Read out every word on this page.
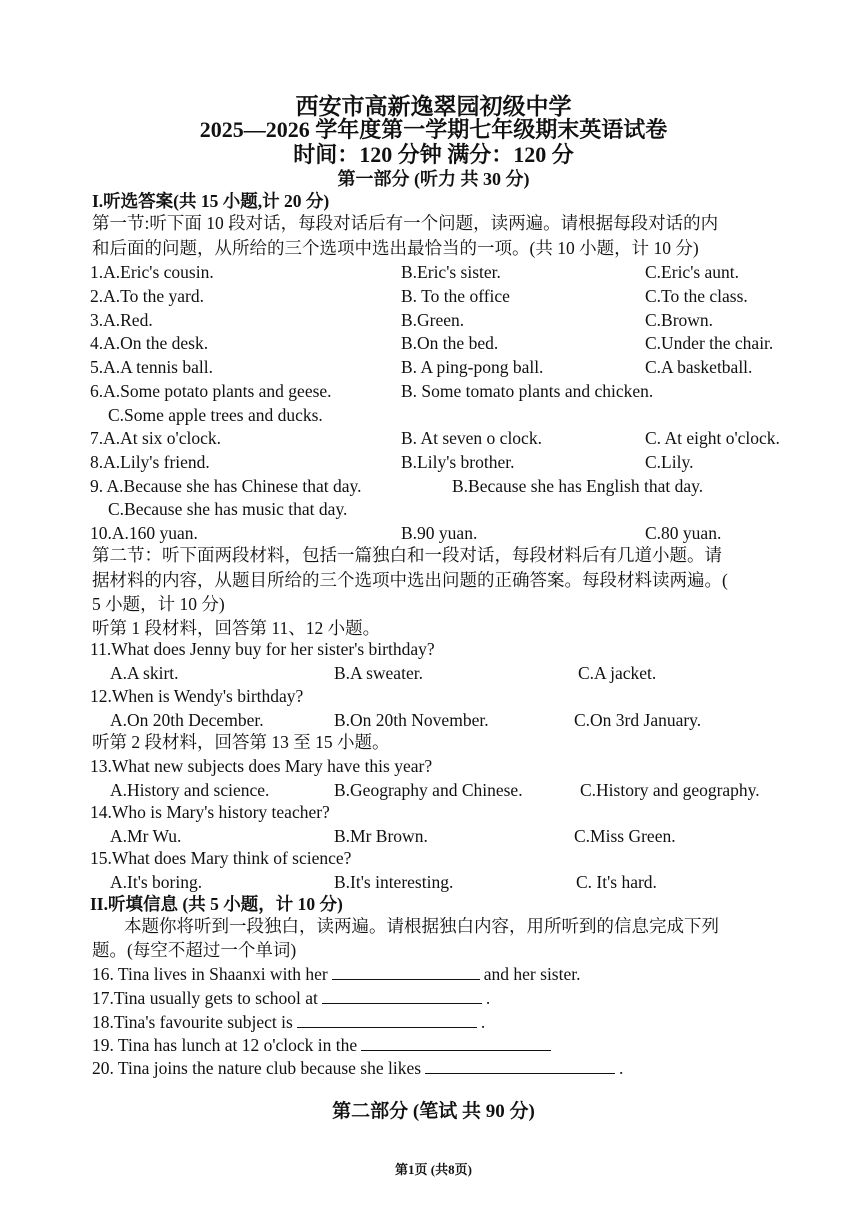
西安市高新逸翠园初级中学
2025—2026 学年度第一学期七年级期末英语试卷
时间：120 分钟 满分：120 分
第一部分 (听力 共 30 分)
I.听选答案(共 15 小题,计 20 分)
第一节:听下面 10 段对话，每段对话后有一个问题，读两遍。请根据每段对话的内
和后面的问题，从所给的三个选项中选出最恰当的一项。(共 10 小题，计 10 分)
1.A.Eric's cousin.	B.Eric's sister.	C.Eric's aunt.
2.A.To the yard.	B. To the office	C.To the class.
3.A.Red.	B.Green.	C.Brown.
4.A.On the desk.	B.On the bed.	C.Under the chair.
5.A.A tennis ball.	B. A ping-pong ball.	C.A basketball.
6.A.Some potato plants and geese.	B. Some tomato plants and chicken.
C.Some apple trees and ducks.
7.A.At six o'clock.	B. At seven o clock.	C. At eight o'clock.
8.A.Lily's friend.	B.Lily's brother.	C.Lily.
9. A.Because she has Chinese that day.	B.Because she has English that day.
C.Because she has music that day.
10.A.160 yuan.	B.90 yuan.	C.80 yuan.
第二节：听下面两段材料，包括一篇独白和一段对话，每段材料后有几道小题。请
据材料的内容，从题目所给的三个选项中选出问题的正确答案。每段材料读两遍。(
5 小题，计 10 分)
听第 1 段材料，回答第 11、12 小题。
11.What does Jenny buy for her sister's birthday?
A.A skirt.	B.A sweater.	C.A jacket.
12.When is Wendy's birthday?
A.On 20th December.	B.On 20th November.	C.On 3rd January.
听第 2 段材料，回答第 13 至 15 小题。
13.What new subjects does Mary have this year?
A.History and science.	B.Geography and Chinese.	C.History and geography.
14.Who is Mary's history teacher?
A.Mr Wu.	B.Mr Brown.	C.Miss Green.
15.What does Mary think of science?
A.It's boring.	B.It's interesting.	C. It's hard.
II.听填信息 (共 5 小题，计 10 分)
本题你将听到一段独白，读两遍。请根据独白内容，用所听到的信息完成下列
题。(每空不超过一个单词)
16. Tina lives in Shaanxi with her	and her sister.
17.Tina usually gets to school at	.
18.Tina's favourite subject is	.
19. Tina has lunch at 12 o'clock in the
20. Tina joins the nature club because she likes	.
第二部分 (笔试 共 90 分)
第1页 (共8页)
